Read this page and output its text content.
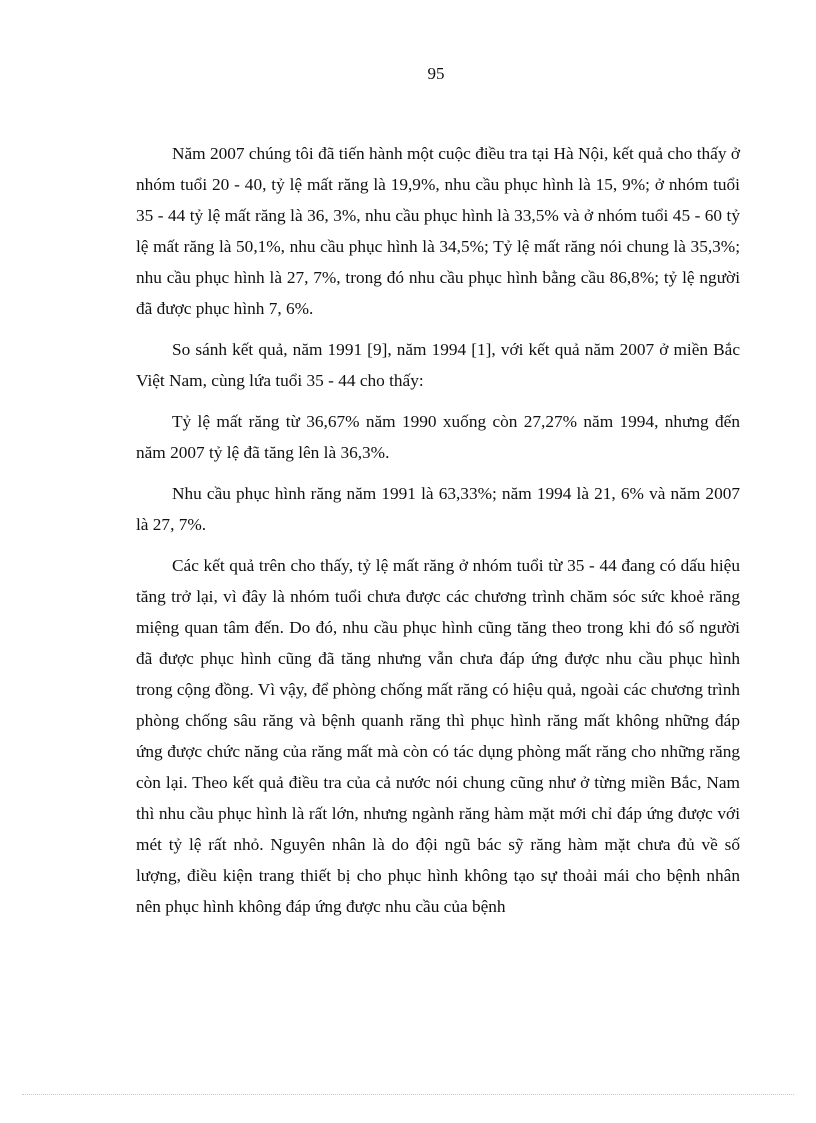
95

Năm 2007 chúng tôi đã tiến hành một cuộc điều tra tại Hà Nội, kết quả cho thấy ở nhóm tuổi 20 - 40, tỷ lệ mất răng là 19,9%, nhu cầu phục hình là 15, 9%; ở nhóm tuổi 35 - 44 tỷ lệ mất răng là 36, 3%, nhu cầu phục hình là 33,5% và ở nhóm tuổi 45 - 60 tỷ lệ mất răng là 50,1%, nhu cầu phục hình là 34,5%; Tỷ lệ mất răng nói chung là 35,3%; nhu cầu phục hình là 27, 7%, trong đó nhu cầu phục hình bằng cầu 86,8%; tỷ lệ người đã được phục hình 7, 6%.

So sánh kết quả, năm 1991 [9], năm 1994 [1], với kết quả năm 2007 ở miền Bắc Việt Nam, cùng lứa tuổi 35 - 44 cho thấy:

Tỷ lệ mất răng từ 36,67% năm 1990 xuống còn 27,27% năm 1994, nhưng đến năm 2007 tỷ lệ đã tăng lên là 36,3%.

Nhu cầu phục hình răng năm 1991 là 63,33%; năm 1994 là 21, 6% và năm 2007 là 27, 7%.

Các kết quả trên cho thấy, tỷ lệ mất răng ở nhóm tuổi từ 35 - 44 đang có dấu hiệu tăng trở lại, vì đây là nhóm tuổi chưa được các chương trình chăm sóc sức khoẻ răng miệng quan tâm đến. Do đó, nhu cầu phục hình cũng tăng theo trong khi đó số người đã được phục hình cũng đã tăng nhưng vẫn chưa đáp ứng được nhu cầu phục hình trong cộng đồng. Vì vậy, để phòng chống mất răng có hiệu quả, ngoài các chương trình phòng chống sâu răng và bệnh quanh răng thì phục hình răng mất không những đáp ứng được chức năng của răng mất mà còn có tác dụng phòng mất răng cho những răng còn lại. Theo kết quả điều tra của cả nước nói chung cũng như ở từng miền Bắc, Nam thì nhu cầu phục hình là rất lớn, nhưng ngành răng hàm mặt mới chỉ đáp ứng được với mét tỷ lệ rất nhỏ. Nguyên nhân là do đội ngũ bác sỹ răng hàm mặt chưa đủ về số lượng, điều kiện trang thiết bị cho phục hình không tạo sự thoải mái cho bệnh nhân nên phục hình không đáp ứng được nhu cầu của bệnh
